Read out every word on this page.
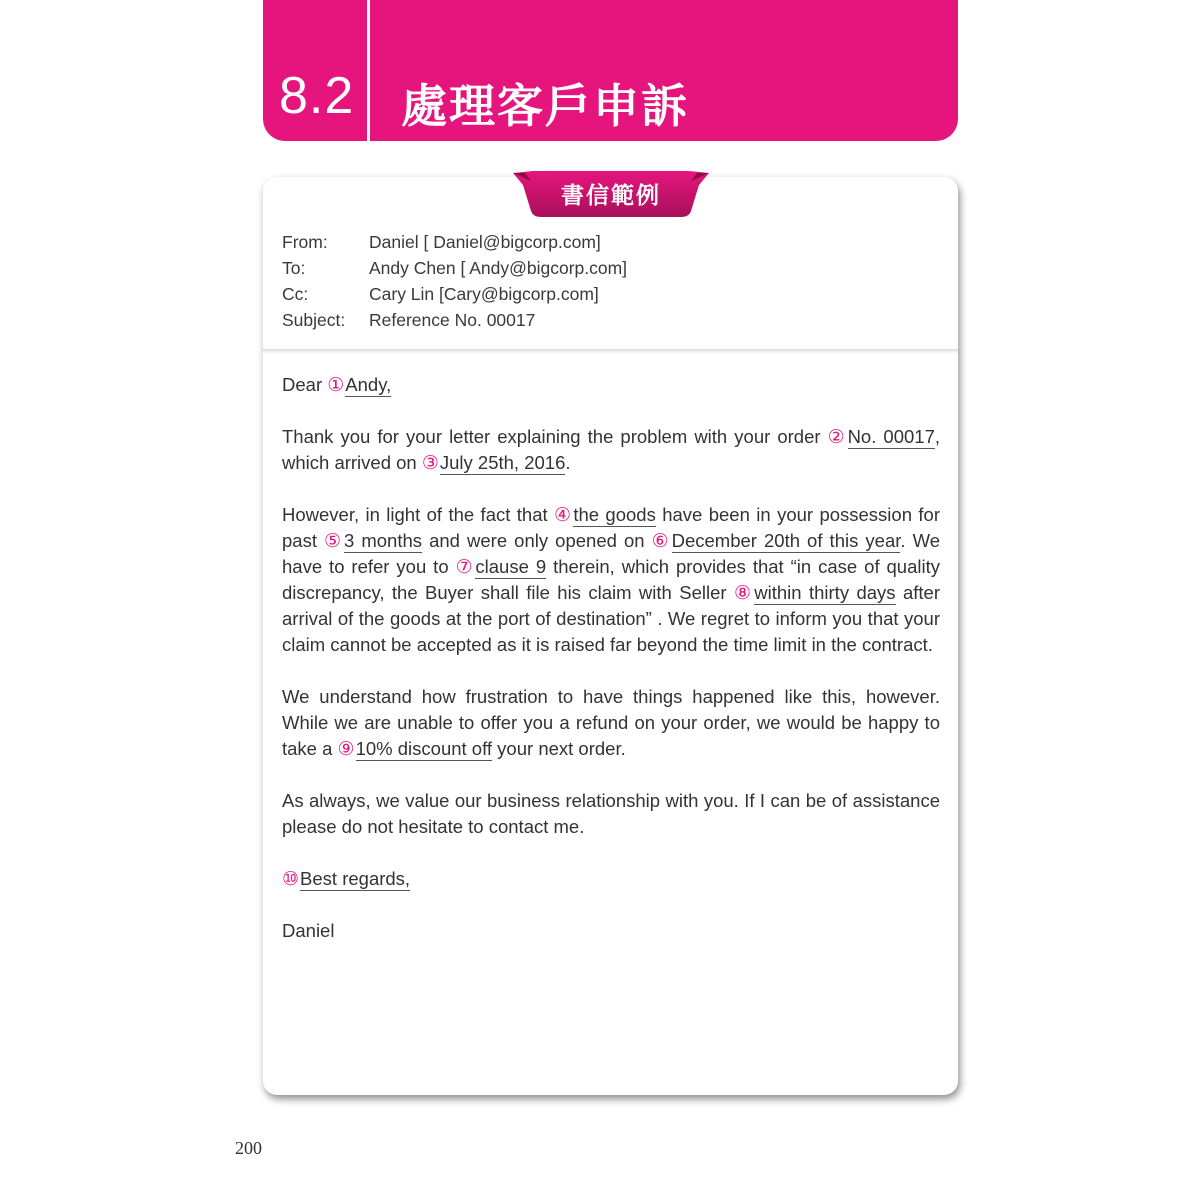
8.2 處理客戶申訴
書信範例
From:	Daniel [ Daniel@bigcorp.com]
To:	Andy Chen [ Andy@bigcorp.com]
Cc:	Cary Lin [Cary@bigcorp.com]
Subject:	Reference No. 00017

Dear ①Andy,

Thank you for your letter explaining the problem with your order ②No. 00017, which arrived on ③July 25th, 2016.

However, in light of the fact that ④the goods have been in your possession for past ⑤3 months and were only opened on ⑥December 20th of this year. We have to refer you to ⑦clause 9 therein, which provides that “in case of quality discrepancy, the Buyer shall file his claim with Seller ⑧within thirty days after arrival of the goods at the port of destination” . We regret to inform you that your claim cannot be accepted as it is raised far beyond the time limit in the contract.

We understand how frustration to have things happened like this, however. While we are unable to offer you a refund on your order, we would be happy to take a ⑨10% discount off your next order.

As always, we value our business relationship with you. If I can be of assistance please do not hesitate to contact me.

⑩Best regards,

Daniel

200
